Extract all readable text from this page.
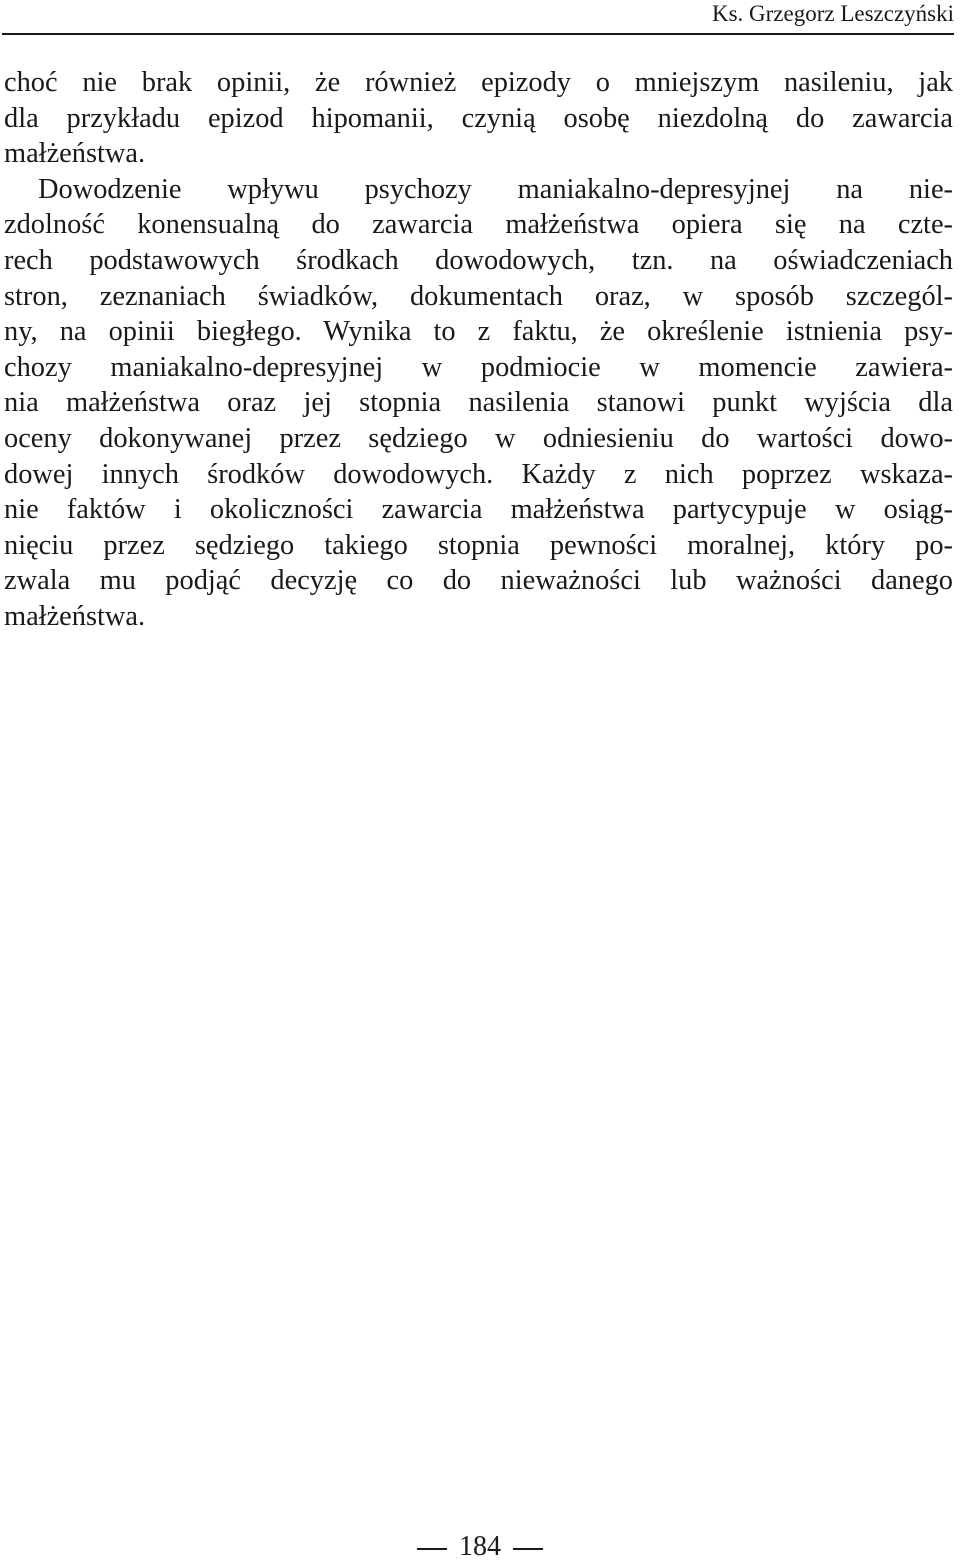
Ks. Grzegorz Leszczyński
choć nie brak opinii, że również epizody o mniejszym nasileniu, jak
dla przykładu epizod hipomanii, czynią osobę niezdolną do zawarcia
małżeństwa.
Dowodzenie wpływu psychozy maniakalno-depresyjnej na nie-
zdolność konensualną do zawarcia małżeństwa opiera się na czte-
rech podstawowych środkach dowodowych, tzn. na oświadczeniach
stron, zeznaniach świadków, dokumentach oraz, w sposób szczegól-
ny, na opinii biegłego. Wynika to z faktu, że określenie istnienia psy-
chozy maniakalno-depresyjnej w podmiocie w momencie zawiera-
nia małżeństwa oraz jej stopnia nasilenia stanowi punkt wyjścia dla
oceny dokonywanej przez sędziego w odniesieniu do wartości dowo-
dowej innych środków dowodowych. Każdy z nich poprzez wskaza-
nie faktów i okoliczności zawarcia małżeństwa partycypuje w osiąg-
nięciu przez sędziego takiego stopnia pewności moralnej, który po-
zwala mu podjąć decyzję co do nieważności lub ważności danego
małżeństwa.
184
